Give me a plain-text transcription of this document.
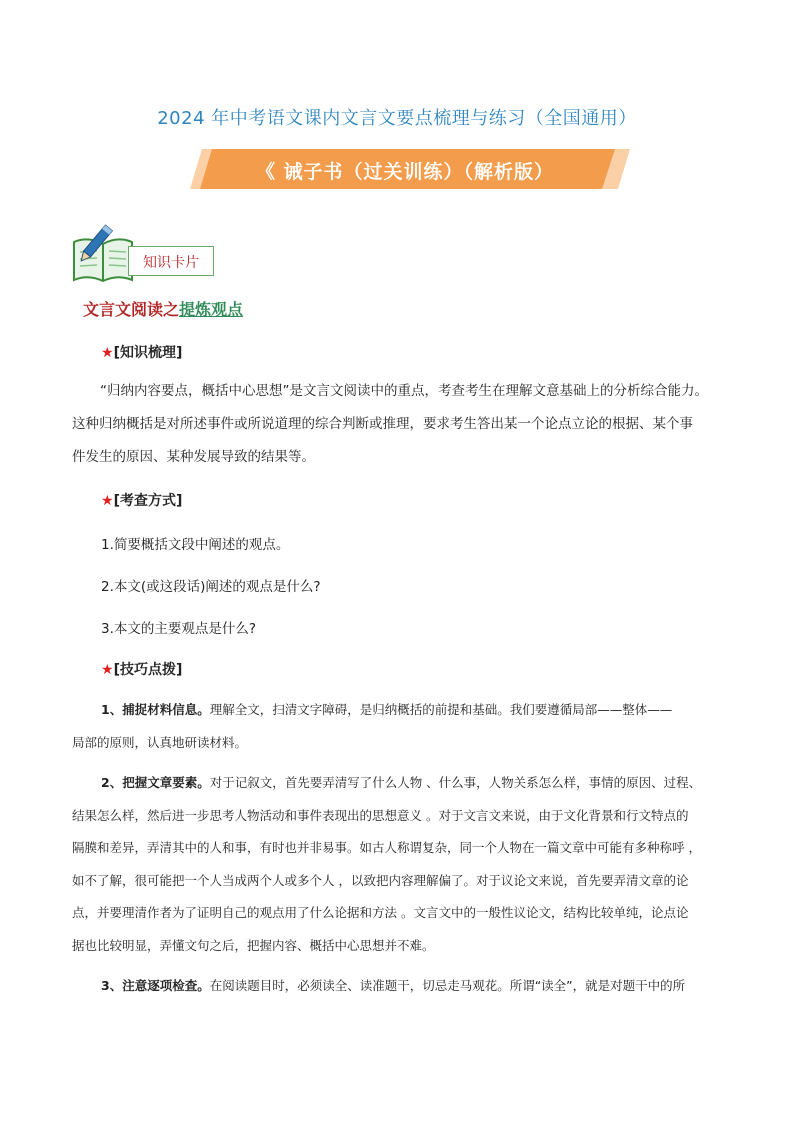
2024 年中考语文课内文言文要点梳理与练习（全国通用）
《 诫子书（过关训练）（解析版）
知识卡片
文言文阅读之提炼观点
★[知识梳理]
“归纳内容要点，概括中心思想”是文言文阅读中的重点，考查考生在理解文意基础上的分析综合能力。
这种归纳概括是对所述事件或所说道理的综合判断或推理，要求考生答出某一个论点立论的根据、某个事
件发生的原因、某种发展导致的结果等。
★[考查方式]
1.简要概括文段中阐述的观点。
2.本文(或这段话)阐述的观点是什么?
3.本文的主要观点是什么?
★[技巧点拨]
1、捕捉材料信息。理解全文，扫清文字障碍，是归纳概括的前提和基础。我们要遵循局部——整体——
局部的原则，认真地研读材料。
2、把握文章要素。对于记叙文，首先要弄清写了什么人物 、什么事，人物关系怎么样，事情的原因、过程、
结果怎么样，然后进一步思考人物活动和事件表现出的思想意义 。对于文言文来说，由于文化背景和行文特点的
隔膜和差异，弄清其中的人和事，有时也并非易事。如古人称谓复杂，同一个人物在一篇文章中可能有多种称呼 ，
如不了解，很可能把一个人当成两个人或多个人 ，以致把内容理解偏了。对于议论文来说，首先要弄清文章的论
点，并要理清作者为了证明自己的观点用了什么论据和方法 。文言文中的一般性议论文，结构比较单纯，论点论
据也比较明显，弄懂文句之后，把握内容、概括中心思想并不难。
3、注意逐项检查。在阅读题目时，必须读全、读准题干，切忌走马观花。所谓“读全”，就是对题干中的所
